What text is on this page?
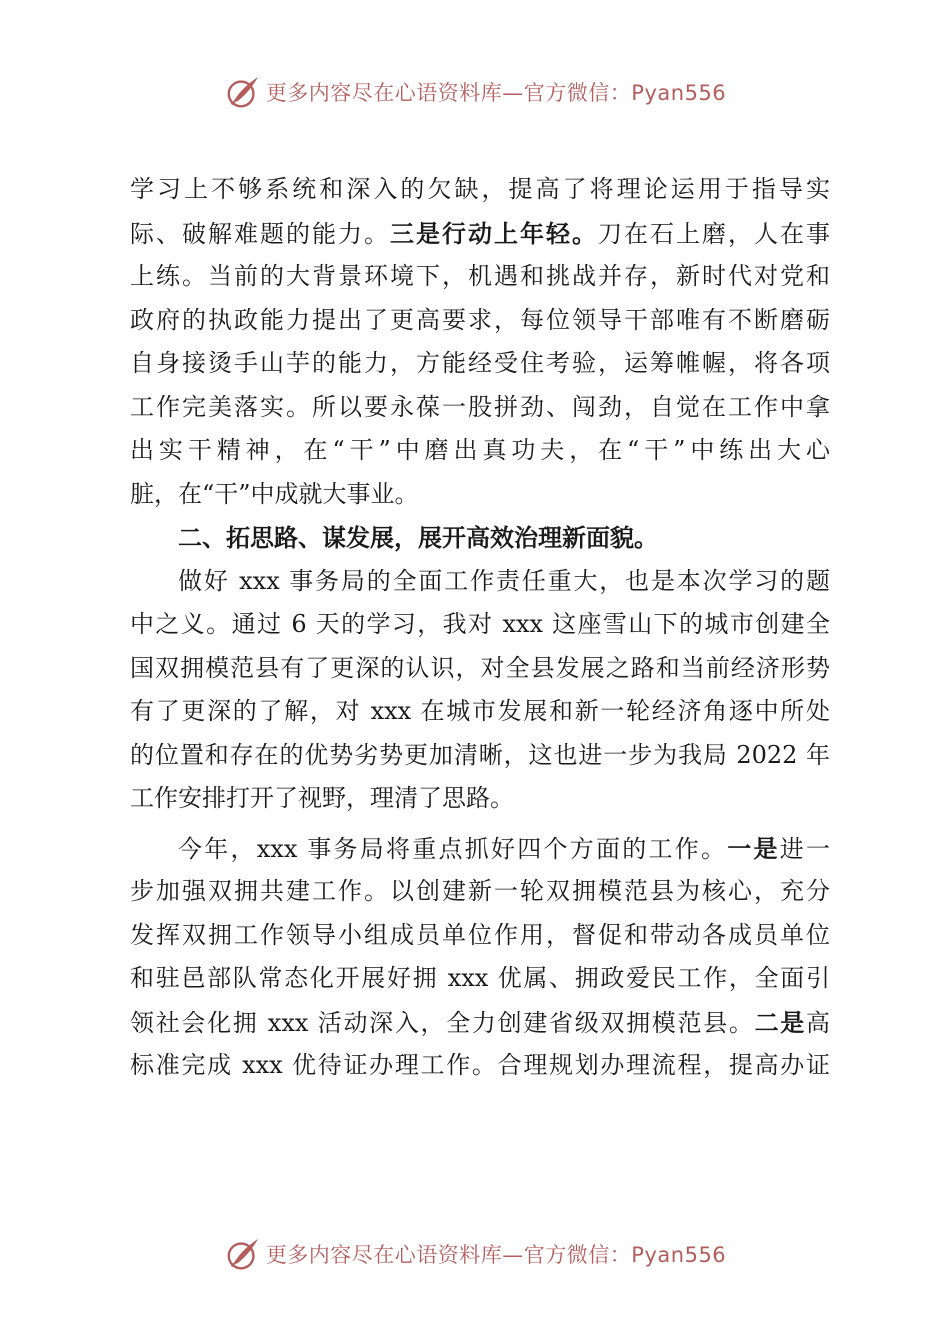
更多内容尽在心语资料库—官方微信：Pyan556
学习上不够系统和深入的欠缺，提高了将理论运用于指导实
际、破解难题的能力。三是行动上年轻。刀在石上磨，人在事
上练。当前的大背景环境下，机遇和挑战并存，新时代对党和
政府的执政能力提出了更高要求，每位领导干部唯有不断磨砺
自身接烫手山芋的能力，方能经受住考验，运筹帷幄，将各项
工作完美落实。所以要永葆一股拼劲、闯劲，自觉在工作中拿
出实干精神，在“干”中磨出真功夫，在“干”中练出大心
脏，在“干”中成就大事业。
二、拓思路、谋发展，展开高效治理新面貌。
做好 xxx 事务局的全面工作责任重大，也是本次学习的题
中之义。通过 6 天的学习，我对 xxx 这座雪山下的城市创建全
国双拥模范县有了更深的认识，对全县发展之路和当前经济形势
有了更深的了解，对 xxx 在城市发展和新一轮经济角逐中所处
的位置和存在的优势劣势更加清晰，这也进一步为我局 2022 年
工作安排打开了视野，理清了思路。
今年，xxx 事务局将重点抓好四个方面的工作。一是进一
步加强双拥共建工作。以创建新一轮双拥模范县为核心，充分
发挥双拥工作领导小组成员单位作用，督促和带动各成员单位
和驻邑部队常态化开展好拥 xxx 优属、拥政爱民工作，全面引
领社会化拥 xxx 活动深入，全力创建省级双拥模范县。二是高
标准完成 xxx 优待证办理工作。合理规划办理流程，提高办证
更多内容尽在心语资料库—官方微信：Pyan556
